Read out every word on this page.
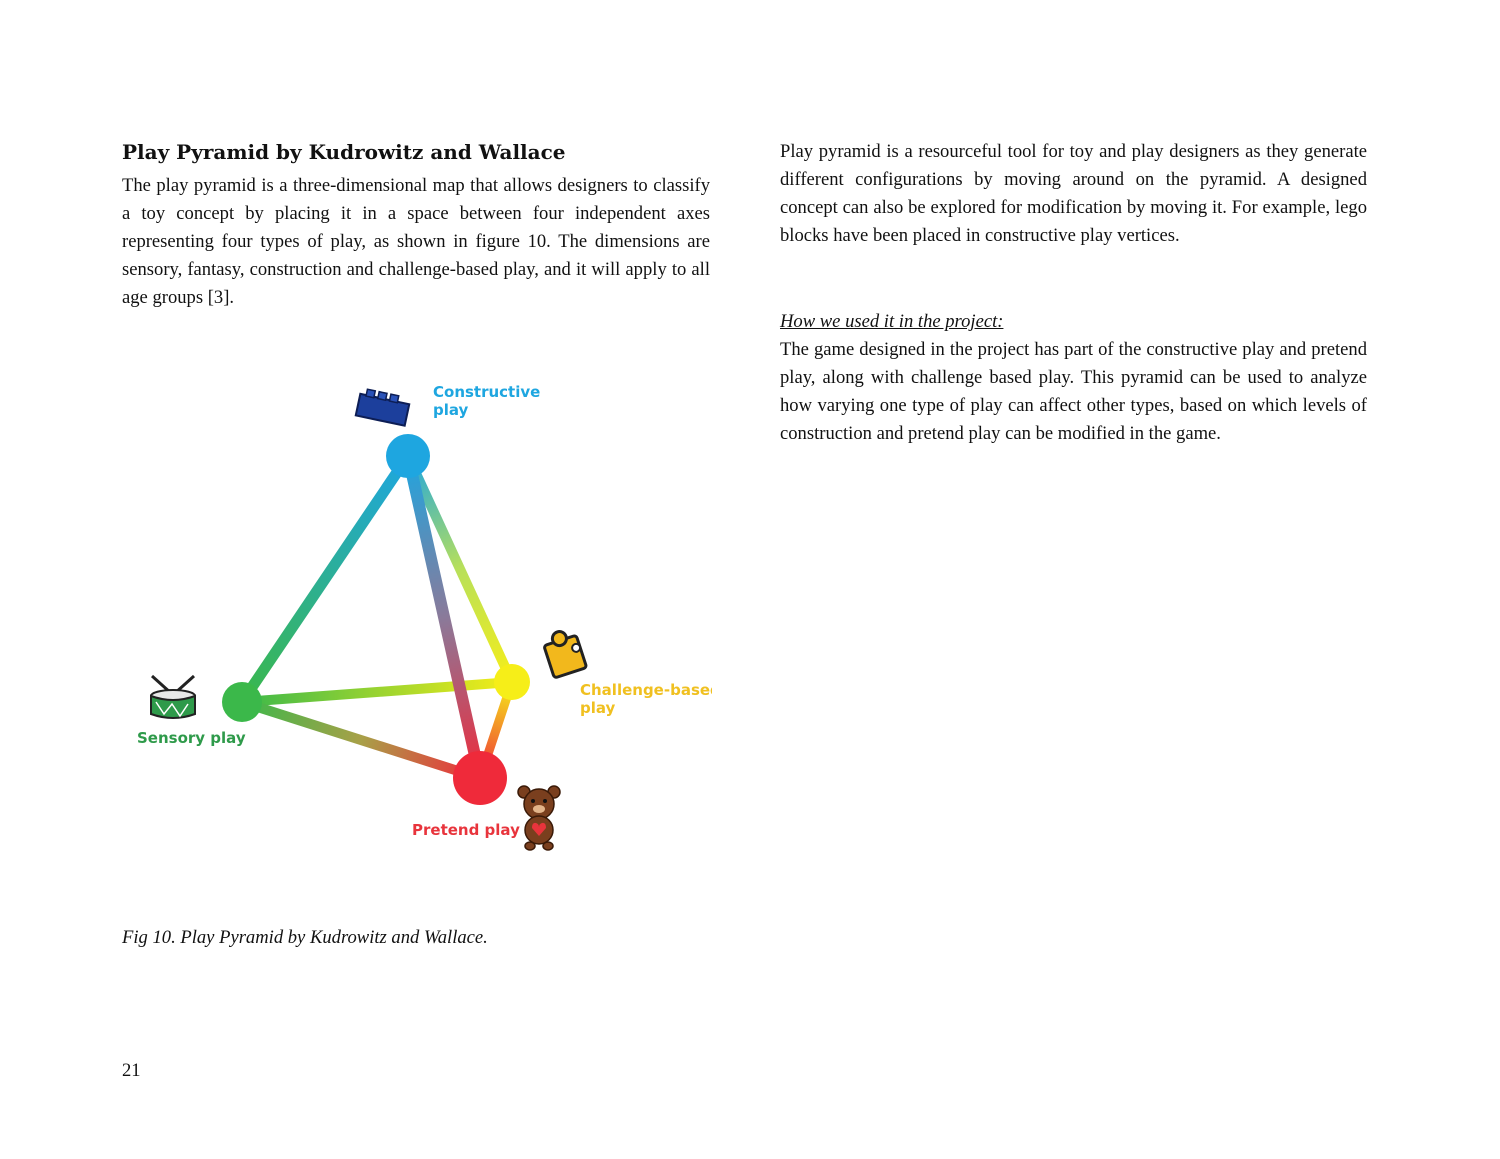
Play Pyramid by Kudrowitz and Wallace

The play pyramid is a three-dimensional map that allows designers to classify a toy concept by placing it in a space between four independent axes representing four types of play, as shown in figure 10. The dimensions are sensory, fantasy, construction and challenge-based play, and it will apply to all age groups [3].

Constructive
play
Challenge-based
play
Sensory play
Pretend play
Fig 10. Play Pyramid by Kudrowitz and Wallace.

Play pyramid is a resourceful tool for toy and play designers as they generate different configurations by moving around on the pyramid. A designed concept can also be explored for modification by moving it. For example, lego blocks have been placed in constructive play vertices.

How we used it in the project:

The game designed in the project has part of the constructive play and pretend play, along with challenge based play. This pyramid can be used to analyze how varying one type of play can affect other types, based on which levels of construction and pretend play can be modified in the game.

21
